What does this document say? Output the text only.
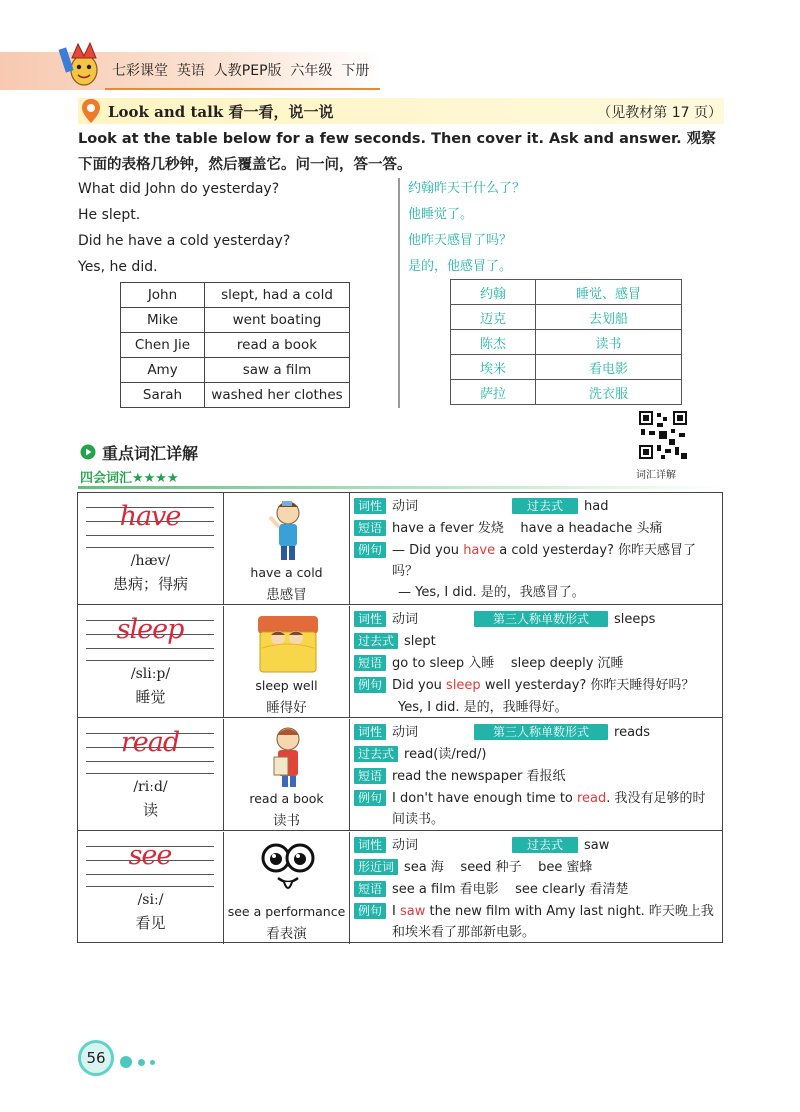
七彩课堂  英语  人教PEP版  六年级  下册
Look and talk 看一看，说一说	（见教材第 17 页）
Look at the table below for a few seconds. Then cover it. Ask and answer. 观察下面的表格几秒钟，然后覆盖它。问一问，答一答。
What did John do yesterday?
He slept.
Did he have a cold yesterday?
Yes, he did.
约翰昨天干什么了？
他睡觉了。
他昨天感冒了吗？
是的，他感冒了。
John	slept, had a cold
Mike	went boating
Chen Jie	read a book
Amy	saw a film
Sarah	washed her clothes
约翰	睡觉、感冒
迈克	去划船
陈杰	读书
埃米	看电影
萨拉	洗衣服
词汇详解
重点词汇详解
四会词汇★★★★
have
/hæv/
患病；得病
have a cold
患感冒
词性 动词	过去式	had
短语 have a fever 发烧    have a headache 头痛
例句 — Did you have a cold yesterday? 你昨天感冒了吗？
— Yes, I did. 是的，我感冒了。
sleep
/sliːp/
睡觉
sleep well
睡得好
词性 动词	第三人称单数形式	sleeps
过去式 slept
短语 go to sleep 入睡    sleep deeply 沉睡
例句 Did you sleep well yesterday? 你昨天睡得好吗？
Yes, I did. 是的，我睡得好。
read
/riːd/
读
read a book
读书
词性 动词	第三人称单数形式	reads
过去式 read(读/red/)
短语 read the newspaper 看报纸
例句 I don't have enough time to read. 我没有足够的时间读书。
see
/siː/
看见
see a performance
看表演
词性 动词	过去式	saw
形近词 sea 海    seed 种子    bee 蜜蜂
短语 see a film 看电影    see clearly 看清楚
例句 I saw the new film with Amy last night. 昨天晚上我和埃米看了那部新电影。
56
